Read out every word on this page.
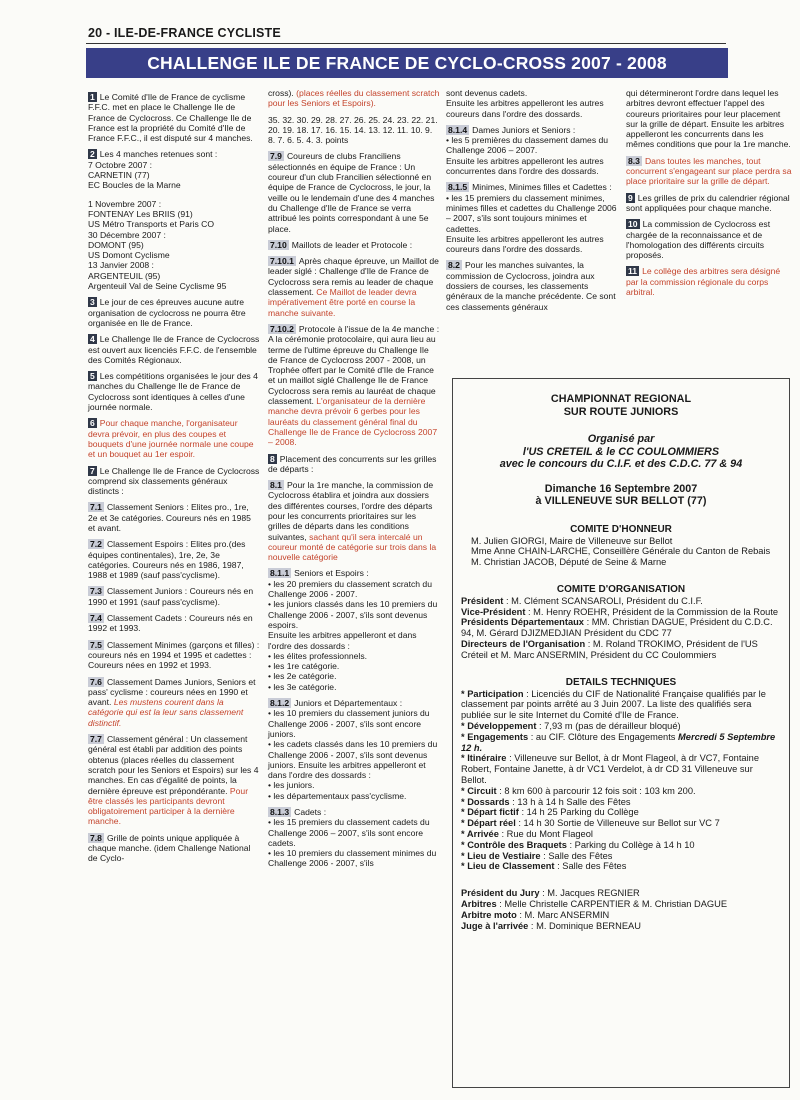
20 - ILE-DE-FRANCE CYCLISTE
CHALLENGE ILE DE FRANCE DE CYCLO-CROSS 2007 - 2008

1 Le Comité d'Ile de France de cyclisme F.F.C. met en place le Challenge Ile de France de Cyclocross. Ce Challenge Ile de France est la propriété du Comité d'Ile de France F.F.C., il est disputé sur 4 manches.

2 Les 4 manches retenues sont :

7 Octobre 2007 :

CARNETIN (77)

EC Boucles de la Marne

1 Novembre 2007 :

FONTENAY Les BRIIS (91)

US Métro Transports et Paris CO

30 Décembre 2007 :

DOMONT (95)

US Domont Cyclisme

13 Janvier 2008 :

ARGENTEUIL (95)

Argenteuil Val de Seine Cyclisme 95

3 Le jour de ces épreuves aucune autre organisation de cyclocross ne pourra être organisée en Ile de France.

4 Le Challenge Ile de France de Cyclocross est ouvert aux licenciés F.F.C. de l'ensemble des Comités Régionaux.

5 Les compétitions organisées le jour des 4 manches du Challenge Ile de France de Cyclocross sont identiques à celles d'une journée normale.

6 Pour chaque manche, l'organisateur devra prévoir, en plus des coupes et bouquets d'une journée normale une coupe et un bouquet au 1er espoir.

7 Le Challenge Ile de France de Cyclocross comprend six classements généraux distincts :

7.1 Classement Seniors : Elites pro., 1re, 2e et 3e catégories. Coureurs nés en 1985 et avant.

7.2 Classement Espoirs : Elites pro.(des équipes continentales), 1re, 2e, 3e catégories. Coureurs nés en 1986, 1987, 1988 et 1989 (sauf pass'cyclisme).

7.3 Classement Juniors : Coureurs nés en 1990 et 1991 (sauf pass'cyclisme).

7.4 Classement Cadets : Coureurs nés en 1992 et 1993.

7.5 Classement Minimes (garçons et filles) : coureurs nés en 1994 et 1995 et cadettes : Coureurs nées en 1992 et 1993.

7.6 Classement Dames Juniors, Seniors et pass' cyclisme : coureurs nées en 1990 et avant. Les mustens courent dans la catégorie qui est la leur sans classement distinctif.

7.7 Classement général : Un classement général est établi par addition des points obtenus (places réelles du classement scratch pour les Seniors et Espoirs) sur les 4 manches. En cas d'égalité de points, la dernière épreuve est prépondérante. Pour être classés les participants devront obligatoirement participer à la dernière manche.

7.8 Grille de points unique appliquée à chaque manche. (idem Challenge National de Cyclo-

cross). (places réelles du classement scratch pour les Seniors et Espoirs).

35. 32. 30. 29. 28. 27. 26. 25. 24. 23. 22. 21. 20. 19. 18. 17. 16. 15. 14. 13. 12. 11. 10. 9. 8. 7. 6. 5. 4. 3. points

7.9 Coureurs de clubs Franciliens sélectionnés en équipe de France : Un coureur d'un club Francilien sélectionné en équipe de France de Cyclocross, le jour, la veille ou le lendemain d'une des 4 manches du Challenge d'Ile de France se verra attribué les points correspondant à une 5e place.

7.10 Maillots de leader et Protocole :

7.10.1 Après chaque épreuve, un Maillot de leader siglé : Challenge d'Ile de France de Cyclocross sera remis au leader de chaque classement. Ce Maillot de leader devra impérativement être porté en course la manche suivante.

7.10.2 Protocole à l'issue de la 4e manche : A la cérémonie protocolaire, qui aura lieu au terme de l'ultime épreuve du Challenge Ile de France de Cyclocross 2007 - 2008, un Trophée offert par le Comité d'Ile de France et un maillot siglé Challenge Ile de France Cyclocross sera remis au lauréat de chaque classement. L'organisateur de la dernière manche devra prévoir 6 gerbes pour les lauréats du classement général final du Challenge Ile de France de Cyclocross 2007 – 2008.

8 Placement des concurrents sur les grilles de départs :

8.1 Pour la 1re manche, la commission de Cyclocross établira et joindra aux dossiers des différentes courses, l'ordre des départs pour les concurrents prioritaires sur les grilles de départs dans les conditions suivantes, sachant qu'il sera intercalé un coureur monté de catégorie sur trois dans la nouvelle catégorie

8.1.1 Seniors et Espoirs :

• les 20 premiers du classement scratch du Challenge 2006 - 2007.

• les juniors classés dans les 10 premiers du Challenge 2006 - 2007, s'ils sont devenus espoirs.

Ensuite les arbitres appelleront et dans l'ordre des dossards :

• les élites professionnels.

• les 1re catégorie.

• les 2e catégorie.

• les 3e catégorie.

8.1.2 Juniors et Départementaux :

• les 10 premiers du classement juniors du Challenge 2006 - 2007, s'ils sont encore juniors.

• les cadets classés dans les 10 premiers du Challenge 2006 - 2007, s'ils sont devenus juniors. Ensuite les arbitres appelleront et dans l'ordre des dossards :

• les juniors.

• les départementaux pass'cyclisme.

8.1.3 Cadets :

• les 15 premiers du classement cadets du Challenge 2006 – 2007, s'ils sont encore cadets.

• les 10 premiers du classement minimes du Challenge 2006 - 2007, s'ils

sont devenus cadets.

Ensuite les arbitres appelleront les autres coureurs dans l'ordre des dossards.

8.1.4 Dames Juniors et Seniors :

• les 5 premières du classement dames du Challenge 2006 – 2007.

Ensuite les arbitres appelleront les autres concurrentes dans l'ordre des dossards.

8.1.5 Minimes, Minimes filles et Cadettes :

• les 15 premiers du classement minimes, minimes filles et cadettes du Challenge 2006 – 2007, s'ils sont toujours minimes et cadettes.

Ensuite les arbitres appelleront les autres coureurs dans l'ordre des dossards.

8.2 Pour les manches suivantes, la commission de Cyclocross, joindra aux dossiers de courses, les classements généraux de la manche précédente. Ce sont ces classements généraux

qui détermineront l'ordre dans lequel les arbitres devront effectuer l'appel des coureurs prioritaires pour leur placement sur la grille de départ. Ensuite les arbitres appelleront les concurrents dans les mêmes conditions que pour la 1re manche.

8.3 Dans toutes les manches, tout concurrent s'engageant sur place perdra sa place prioritaire sur la grille de départ.

9 Les grilles de prix du calendrier régional sont appliquées pour chaque manche.

10 La commission de Cyclocross est chargée de la reconnaissance et de l'homologation des différents circuits proposés.

11 Le collège des arbitres sera désigné par la commission régionale du corps arbitral.

CHAMPIONNAT REGIONAL
SUR ROUTE JUNIORS
Organisé par
l'US CRETEIL & le CC COULOMMIERS
avec le concours du C.I.F. et des C.D.C. 77 & 94
Dimanche 16 Septembre 2007
à VILLENEUVE SUR BELLOT (77)
COMITE D'HONNEUR

M. Julien GIORGI, Maire de Villeneuve sur Bellot

Mme Anne CHAIN-LARCHE, Conseillère Générale du Canton de Rebais

M. Christian JACOB, Député de Seine & Marne

COMITE D'ORGANISATION

Président : M. Clément SCANSAROLI, Président du C.I.F.

Vice-Président : M. Henry ROEHR, Président de la Commission de la Route

Présidents Départementaux : MM. Christian DAGUE, Président du C.D.C. 94, M. Gérard DJIZMEDJIAN Président du CDC 77

Directeurs de l'Organisation : M. Roland TROKIMO, Président de l'US Créteil et M. Marc ANSERMIN, Président du CC Coulommiers

DETAILS TECHNIQUES

* Participation : Licenciés du CIF de Nationalité Française qualifiés par le classement par points arrêté au 3 Juin 2007. La liste des qualifiés sera publiée sur le site Internet du Comité d'Ile de France.

* Développement : 7,93 m (pas de dérailleur bloqué)

* Engagements : au CIF. Clôture des Engagements Mercredi 5 Septembre 12 h.

* Itinéraire : Villeneuve sur Bellot, à dr Mont Flageol, à dr VC7, Fontaine Robert, Fontaine Janette, à dr VC1 Verdelot, à dr CD 31 Villeneuve sur Bellot.

* Circuit : 8 km 600 à parcourir 12 fois soit : 103 km 200.

* Dossards : 13 h à 14 h Salle des Fêtes

* Départ fictif : 14 h 25 Parking du Collège

* Départ réel : 14 h 30 Sortie de Villeneuve sur Bellot sur VC 7

* Arrivée : Rue du Mont Flageol

* Contrôle des Braquets : Parking du Collège à 14 h 10

* Lieu de Vestiaire : Salle des Fêtes

* Lieu de Classement : Salle des Fêtes

Président du Jury : M. Jacques REGNIER

Arbitres : Melle Christelle CARPENTIER & M. Christian DAGUE

Arbitre moto : M. Marc ANSERMIN

Juge à l'arrivée : M. Dominique BERNEAU
